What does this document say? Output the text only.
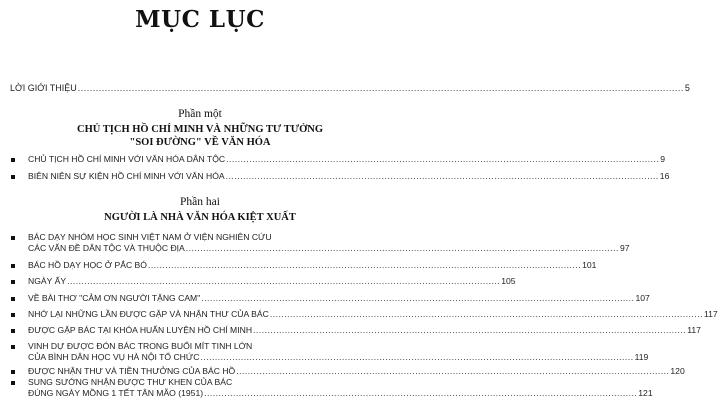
MỤC LỤC
LỜI GIỚI THIỆU .......................................................................................................................................................................................................... 5
Phần một
CHỦ TỊCH HỒ CHÍ MINH VÀ NHỮNG TƯ TƯỞNG
"SOI ĐƯỜNG" VỀ VĂN HÓA
CHỦ TỊCH HỒ CHÍ MINH VỚI VĂN HÓA DÂN TỘC ...................................................................................................................................................... 9
BIÊN NIÊN SỰ KIỆN HỒ CHÍ MINH VỚI VĂN HÓA ...................................................................................................................................................... 16
Phần hai
NGƯỜI LÀ NHÀ VĂN HÓA KIỆT XUẤT
BÁC DẠY NHÓM HỌC SINH VIỆT NAM Ở VIỆN NGHIÊN CỨU
CÁC VẤN ĐỀ DÂN TỘC VÀ THUỘC ĐỊA ...................................................................................................................................................... 97
BÁC HỒ DẠY HỌC Ở PẮC BÓ ...................................................................................................................................................... 101
NGÀY ẤY ...................................................................................................................................................... 105
VỀ BÀI THƠ "CẢM ƠN NGƯỜI TẶNG CAM" ...................................................................................................................................................... 107
NHỚ LẠI NHỮNG LẦN ĐƯỢC GẶP VÀ NHẬN THƯ CỦA BÁC ...................................................................................................................................................... 117
ĐƯỢC GẶP BÁC TẠI KHÓA HUẤN LUYỆN HỒ CHÍ MINH ...................................................................................................................................................... 117
VINH DỰ ĐƯỢC ĐÓN BÁC TRONG BUỔI MÍT TINH LỚN
CỦA BÌNH DÂN HỌC VỤ HÀ NỘI TỔ CHỨC ...................................................................................................................................................... 119
ĐƯỢC NHẬN THƯ VÀ TIỀN THƯỞNG CỦA BÁC HỒ ...................................................................................................................................................... 120
SUNG SƯỚNG NHẬN ĐƯỢC THƯ KHEN CỦA BÁC
ĐÚNG NGÀY MỒNG 1 TẾT TÂN MÃO (1951) ...................................................................................................................................................... 121
